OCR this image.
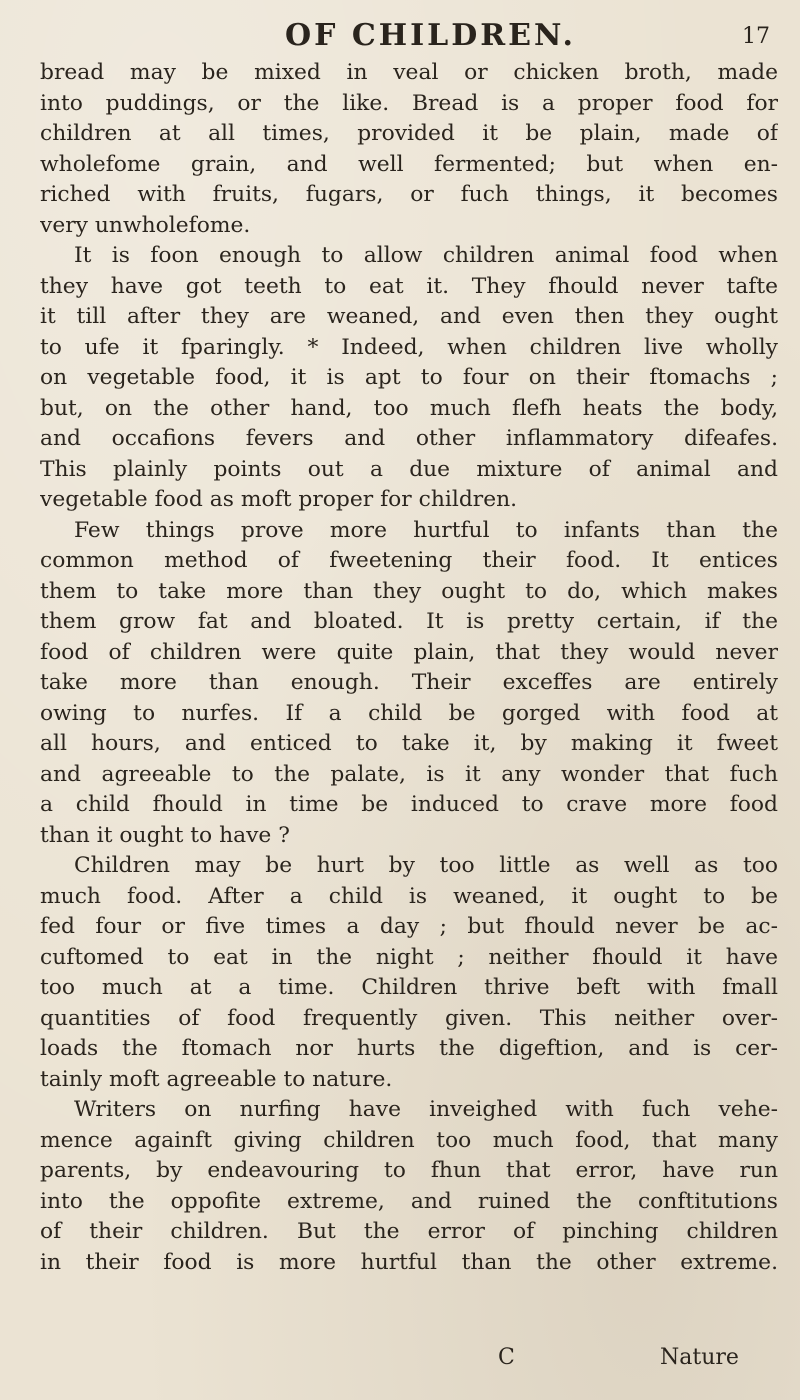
OF CHILDREN.	17
bread may be mixed in veal or chicken broth, made
into puddings, or the like. Bread is a proper food for
children at all times, provided it be plain, made of
wholefome grain, and well fermented; but when en-
riched with fruits, fugars, or fuch things, it becomes
very unwholefome.
It is foon enough to allow children animal food when
they have got teeth to eat it. They fhould never tafte
it till after they are weaned, and even then they ought
to ufe it fparingly. * Indeed, when children live wholly
on vegetable food, it is apt to four on their ftomachs ;
but, on the other hand, too much flefh heats the body,
and occafions fevers and other inflammatory difeafes.
This plainly points out a due mixture of animal and
vegetable food as moft proper for children.
Few things prove more hurtful to infants than the
common method of fweetening their food. It entices
them to take more than they ought to do, which makes
them grow fat and bloated. It is pretty certain, if the
food of children were quite plain, that they would never
take more than enough. Their exceffes are entirely
owing to nurfes. If a child be gorged with food at
all hours, and enticed to take it, by making it fweet
and agreeable to the palate, is it any wonder that fuch
a child fhould in time be induced to crave more food
than it ought to have ?
Children may be hurt by too little as well as too
much food. After a child is weaned, it ought to be
fed four or five times a day ; but fhould never be ac-
cuftomed to eat in the night ; neither fhould it have
too much at a time. Children thrive beft with fmall
quantities of food frequently given. This neither over-
loads the ftomach nor hurts the digeftion, and is cer-
tainly moft agreeable to nature.
Writers on nurfing have inveighed with fuch vehe-
mence againft giving children too much food, that many
parents, by endeavouring to fhun that error, have run
into the oppofite extreme, and ruined the conftitutions
of their children. But the error of pinching children
in their food is more hurtful than the other extreme.
C	Nature
